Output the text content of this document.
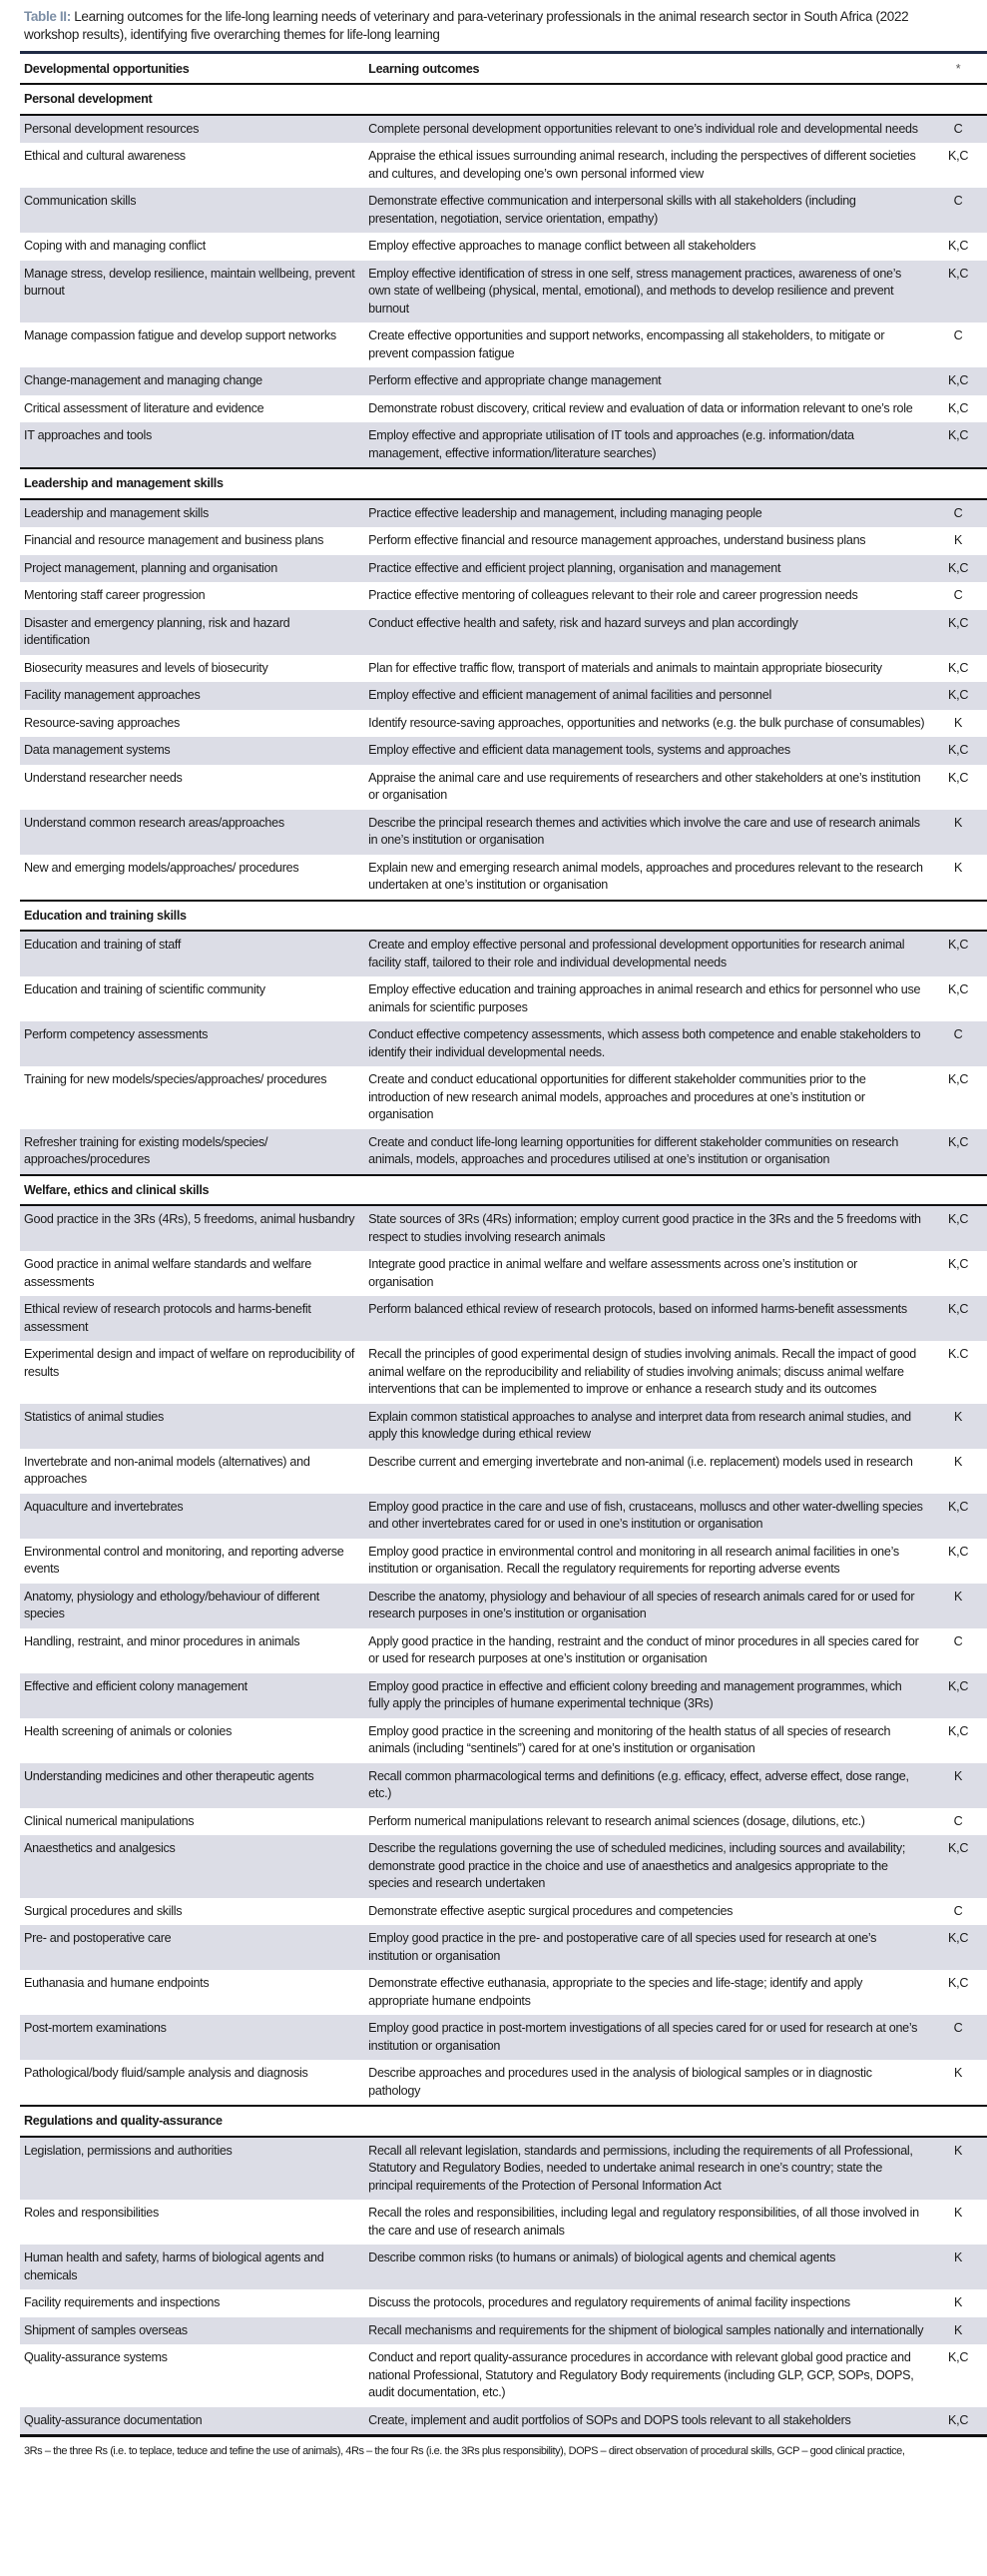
Table II: Learning outcomes for the life-long learning needs of veterinary and para-veterinary professionals in the animal research sector in South Africa (2022 workshop results), identifying five overarching themes for life-long learning
Developmental opportunities	Learning outcomes	*
Personal development		
Personal development resources	Complete personal development opportunities relevant to one’s individual role and developmental needs	C
Ethical and cultural awareness	Appraise the ethical issues surrounding animal research, including the perspectives of different societies and cultures, and developing one’s own personal informed view	K,C
Communication skills	Demonstrate effective communication and interpersonal skills with all stakeholders (including presentation, negotiation, service orientation, empathy)	C
Coping with and managing conflict	Employ effective approaches to manage conflict between all stakeholders	K,C
Manage stress, develop resilience, maintain wellbeing, prevent burnout	Employ effective identification of stress in one self, stress management practices, awareness of one’s own state of wellbeing (physical, mental, emotional), and methods to develop resilience and prevent burnout	K,C
Manage compassion fatigue and develop support networks	Create effective opportunities and support networks, encompassing all stakeholders, to mitigate or prevent compassion fatigue	C
Change-management and managing change	Perform effective and appropriate change management	K,C
Critical assessment of literature and evidence	Demonstrate robust discovery, critical review and evaluation of data or information relevant to one’s role	K,C
IT approaches and tools	Employ effective and appropriate utilisation of IT tools and approaches (e.g. information/data management, effective information/literature searches)	K,C
Leadership and management skills		
Leadership and management skills	Practice effective leadership and management, including managing people	C
Financial and resource management and business plans	Perform effective financial and resource management approaches, understand business plans	K
Project management, planning and organisation	Practice effective and efficient project planning, organisation and management	K,C
Mentoring staff career progression	Practice effective mentoring of colleagues relevant to their role and career progression needs	C
Disaster and emergency planning, risk and hazard identification	Conduct effective health and safety, risk and hazard surveys and plan accordingly	K,C
Biosecurity measures and levels of biosecurity	Plan for effective traffic flow, transport of materials and animals to maintain appropriate biosecurity	K,C
Facility management approaches	Employ effective and efficient management of animal facilities and personnel	K,C
Resource-saving approaches	Identify resource-saving approaches, opportunities and networks (e.g. the bulk purchase of consumables)	K
Data management systems	Employ effective and efficient data management tools, systems and approaches	K,C
Understand researcher needs	Appraise the animal care and use requirements of researchers and other stakeholders at one’s institution or organisation	K,C
Understand common research areas/approaches	Describe the principal research themes and activities which involve the care and use of research animals in one’s institution or organisation	K
New and emerging models/approaches/ procedures	Explain new and emerging research animal models, approaches and procedures relevant to the research undertaken at one’s institution or organisation	K
Education and training skills		
Education and training of staff	Create and employ effective personal and professional development opportunities for research animal facility staff, tailored to their role and individual developmental needs	K,C
Education and training of scientific community	Employ effective education and training approaches in animal research and ethics for personnel who use animals for scientific purposes	K,C
Perform competency assessments	Conduct effective competency assessments, which assess both competence and enable stakeholders to identify their individual developmental needs.	C
Training for new models/species/approaches/ procedures	Create and conduct educational opportunities for different stakeholder communities prior to the introduction of new research animal models, approaches and procedures at one’s institution or organisation	K,C
Refresher training for existing models/species/ approaches/procedures	Create and conduct life-long learning opportunities for different stakeholder communities on research animals, models, approaches and procedures utilised at one’s institution or organisation	K,C
Welfare, ethics and clinical skills		
Good practice in the 3Rs (4Rs), 5 freedoms, animal husbandry	State sources of 3Rs (4Rs) information; employ current good practice in the 3Rs and the 5 freedoms with respect to studies involving research animals	K,C
Good practice in animal welfare standards and welfare assessments	Integrate good practice in animal welfare and welfare assessments across one’s institution or organisation	K,C
Ethical review of research protocols and harms-benefit assessment	Perform balanced ethical review of research protocols, based on informed harms-benefit assessments	K,C
Experimental design and impact of welfare on reproducibility of results	Recall the principles of good experimental design of studies involving animals. Recall the impact of good animal welfare on the reproducibility and reliability of studies involving animals; discuss animal welfare interventions that can be implemented to improve or enhance a research study and its outcomes	K.C
Statistics of animal studies	Explain common statistical approaches to analyse and interpret data from research animal studies, and apply this knowledge during ethical review	K
Invertebrate and non-animal models (alternatives) and approaches	Describe current and emerging invertebrate and non-animal (i.e. replacement) models used in research	K
Aquaculture and invertebrates	Employ good practice in the care and use of fish, crustaceans, molluscs and other water-dwelling species and other invertebrates cared for or used in one’s institution or organisation	K,C
Environmental control and monitoring, and reporting adverse events	Employ good practice in environmental control and monitoring in all research animal facilities in one’s institution or organisation. Recall the regulatory requirements for reporting adverse events	K,C
Anatomy, physiology and ethology/behaviour of different species	Describe the anatomy, physiology and behaviour of all species of research animals cared for or used for research purposes in one’s institution or organisation	K
Handling, restraint, and minor procedures in animals	Apply good practice in the handing, restraint and the conduct of minor procedures in all species cared for or used for research purposes at one’s institution or organisation	C
Effective and efficient colony management	Employ good practice in effective and efficient colony breeding and management programmes, which fully apply the principles of humane experimental technique (3Rs)	K,C
Health screening of animals or colonies	Employ good practice in the screening and monitoring of the health status of all species of research animals (including “sentinels”) cared for at one’s institution or organisation	K,C
Understanding medicines and other therapeutic agents	Recall common pharmacological terms and definitions (e.g. efficacy, effect, adverse effect, dose range, etc.)	K
Clinical numerical manipulations	Perform numerical manipulations relevant to research animal sciences (dosage, dilutions, etc.)	C
Anaesthetics and analgesics	Describe the regulations governing the use of scheduled medicines, including sources and availability; demonstrate good practice in the choice and use of anaesthetics and analgesics appropriate to the species and research undertaken	K,C
Surgical procedures and skills	Demonstrate effective aseptic surgical procedures and competencies	C
Pre- and postoperative care	Employ good practice in the pre- and postoperative care of all species used for research at one’s institution or organisation	K,C
Euthanasia and humane endpoints	Demonstrate effective euthanasia, appropriate to the species and life-stage; identify and apply appropriate humane endpoints	K,C
Post-mortem examinations	Employ good practice in post-mortem investigations of all species cared for or used for research at one’s institution or organisation	C
Pathological/body fluid/sample analysis and diagnosis	Describe approaches and procedures used in the analysis of biological samples or in diagnostic pathology	K
Regulations and quality-assurance		
Legislation, permissions and authorities	Recall all relevant legislation, standards and permissions, including the requirements of all Professional, Statutory and Regulatory Bodies, needed to undertake animal research in one’s country; state the principal requirements of the Protection of Personal Information Act	K
Roles and responsibilities	Recall the roles and responsibilities, including legal and regulatory responsibilities, of all those involved in the care and use of research animals	K
Human health and safety, harms of biological agents and chemicals	Describe common risks (to humans or animals) of biological agents and chemical agents	K
Facility requirements and inspections	Discuss the protocols, procedures and regulatory requirements of animal facility inspections	K
Shipment of samples overseas	Recall mechanisms and requirements for the shipment of biological samples nationally and internationally	K
Quality-assurance systems	Conduct and report quality-assurance procedures in accordance with relevant global good practice and national Professional, Statutory and Regulatory Body requirements (including GLP, GCP, SOPs, DOPS, audit documentation, etc.)	K,C
Quality-assurance documentation	Create, implement and audit portfolios of SOPs and DOPS tools relevant to all stakeholders	K,C
3Rs – the three Rs (i.e. to teplace, teduce and tefine the use of animals), 4Rs – the four Rs (i.e. the 3Rs plus responsibility), DOPS – direct observation of procedural skills, GCP – good clinical practice,		
